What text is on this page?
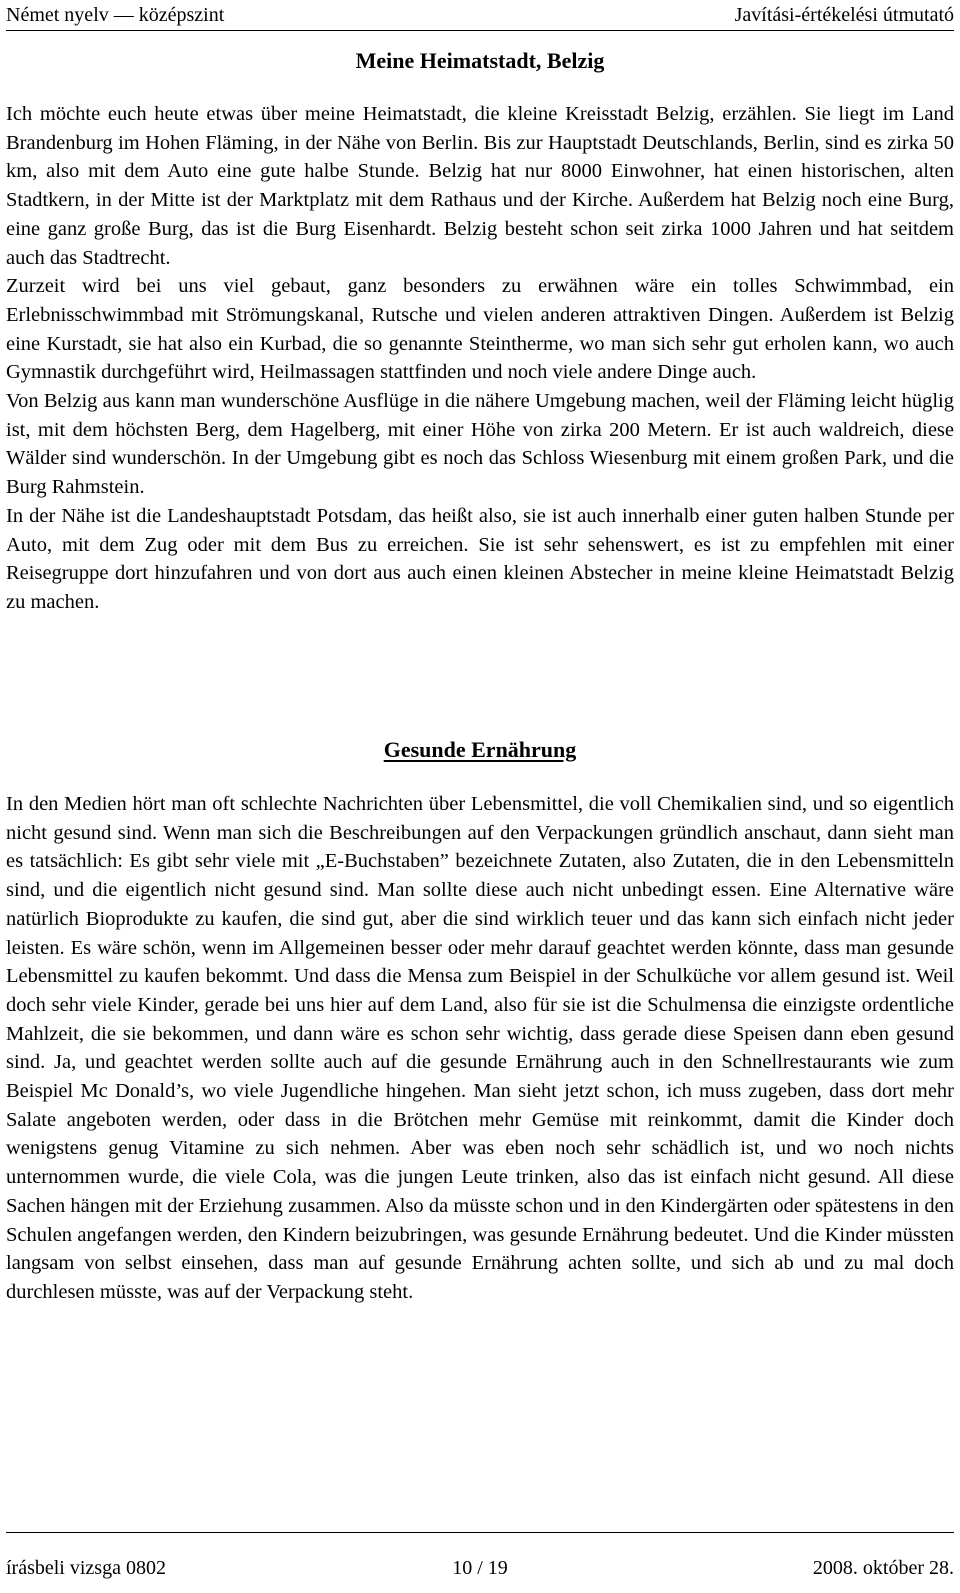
Német nyelv — középszint	Javítási-értékelési útmutató
Meine Heimatstadt, Belzig

Ich möchte euch heute etwas über meine Heimatstadt, die kleine Kreisstadt Belzig, erzählen. Sie liegt im Land Brandenburg im Hohen Fläming, in der Nähe von Berlin. Bis zur Hauptstadt Deutschlands, Berlin, sind es zirka 50 km, also mit dem Auto eine gute halbe Stunde. Belzig hat nur 8000 Einwohner, hat einen historischen, alten Stadtkern, in der Mitte ist der Marktplatz mit dem Rathaus und der Kirche. Außerdem hat Belzig noch eine Burg, eine ganz große Burg, das ist die Burg Eisenhardt. Belzig besteht schon seit zirka 1000 Jahren und hat seitdem auch das Stadtrecht.

Zurzeit wird bei uns viel gebaut, ganz besonders zu erwähnen wäre ein tolles Schwimmbad, ein Erlebnisschwimmbad mit Strömungskanal, Rutsche und vielen anderen attraktiven Dingen. Außerdem ist Belzig eine Kurstadt, sie hat also ein Kurbad, die so genannte Steintherme, wo man sich sehr gut erholen kann, wo auch Gymnastik durchgeführt wird, Heilmassagen stattfinden und noch viele andere Dinge auch.

Von Belzig aus kann man wunderschöne Ausflüge in die nähere Umgebung machen, weil der Fläming leicht hüglig ist, mit dem höchsten Berg, dem Hagelberg, mit einer Höhe von zirka 200 Metern. Er ist auch waldreich, diese Wälder sind wunderschön. In der Umgebung gibt es noch das Schloss Wiesenburg mit einem großen Park, und die Burg Rahmstein.

In der Nähe ist die Landeshauptstadt Potsdam, das heißt also, sie ist auch innerhalb einer guten halben Stunde per Auto, mit dem Zug oder mit dem Bus zu erreichen. Sie ist sehr sehenswert, es ist zu empfehlen mit einer Reisegruppe dort hinzufahren und von dort aus auch einen kleinen Abstecher in meine kleine Heimatstadt Belzig zu machen.

Gesunde Ernährung

In den Medien hört man oft schlechte Nachrichten über Lebensmittel, die voll Chemikalien sind, und so eigentlich nicht gesund sind. Wenn man sich die Beschreibungen auf den Verpackungen gründlich anschaut, dann sieht man es tatsächlich: Es gibt sehr viele mit „E-Buchstaben” bezeichnete Zutaten, also Zutaten, die in den Lebensmitteln sind, und die eigentlich nicht gesund sind. Man sollte diese auch nicht unbedingt essen. Eine Alternative wäre natürlich Bioprodukte zu kaufen, die sind gut, aber die sind wirklich teuer und das kann sich einfach nicht jeder leisten. Es wäre schön, wenn im Allgemeinen besser oder mehr darauf geachtet werden könnte, dass man gesunde Lebensmittel zu kaufen bekommt. Und dass die Mensa zum Beispiel in der Schulküche vor allem gesund ist. Weil doch sehr viele Kinder, gerade bei uns hier auf dem Land, also für sie ist die Schulmensa die einzigste ordentliche Mahlzeit, die sie bekommen, und dann wäre es schon sehr wichtig, dass gerade diese Speisen dann eben gesund sind. Ja, und geachtet werden sollte auch auf die gesunde Ernährung auch in den Schnellrestaurants wie zum Beispiel Mc Donald’s, wo viele Jugendliche hingehen. Man sieht jetzt schon, ich muss zugeben, dass dort mehr Salate angeboten werden, oder dass in die Brötchen mehr Gemüse mit reinkommt, damit die Kinder doch wenigstens genug Vitamine zu sich nehmen. Aber was eben noch sehr schädlich ist, und wo noch nichts unternommen wurde, die viele Cola, was die jungen Leute trinken, also das ist einfach nicht gesund. All diese Sachen hängen mit der Erziehung zusammen. Also da müsste schon und in den Kindergärten oder spätestens in den Schulen angefangen werden, den Kindern beizubringen, was gesunde Ernährung bedeutet. Und die Kinder müssten langsam von selbst einsehen, dass man auf gesunde Ernährung achten sollte, und sich ab und zu mal doch durchlesen müsste, was auf der Verpackung steht.

írásbeli vizsga 0802	10 / 19	2008. október 28.
